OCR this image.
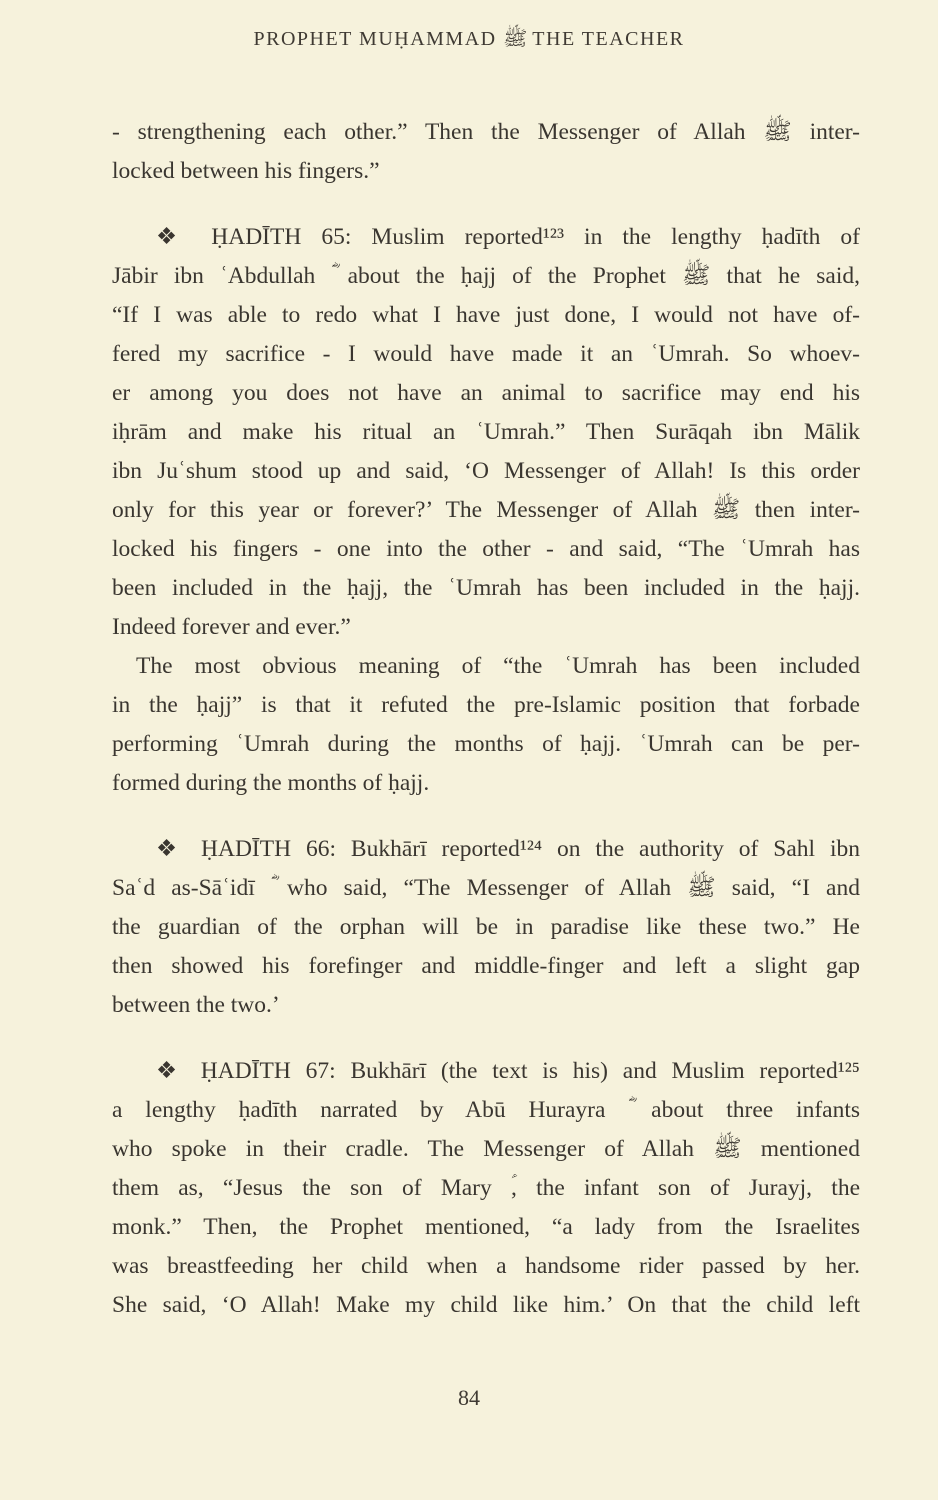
PROPHET MUḤAMMAD ﷺ THE TEACHER
- strengthening each other.” Then the Messenger of Allah ﷺ inter-
locked between his fingers.”
❖ ḤADĪTH 65: Muslim reported¹²³ in the lengthy ḥadīth of
Jābir ibn ʿAbdullah ؓ about the ḥajj of the Prophet ﷺ that he said,
“If I was able to redo what I have just done, I would not have of-
fered my sacrifice - I would have made it an ʿUmrah. So whoev-
er among you does not have an animal to sacrifice may end his
iḥrām and make his ritual an ʿUmrah.” Then Surāqah ibn Mālik
ibn Juʿshum stood up and said, ‘O Messenger of Allah! Is this order
only for this year or forever?’ The Messenger of Allah ﷺ then inter-
locked his fingers - one into the other - and said, “The ʿUmrah has
been included in the ḥajj, the ʿUmrah has been included in the ḥajj.
Indeed forever and ever.”
The most obvious meaning of “the ʿUmrah has been included
in the ḥajj” is that it refuted the pre-Islamic position that forbade
performing ʿUmrah during the months of ḥajj. ʿUmrah can be per-
formed during the months of ḥajj.
❖ ḤADĪTH 66: Bukhārī reported¹²⁴ on the authority of Sahl ibn
Saʿd as-Sāʿidī ؓ who said, “The Messenger of Allah ﷺ said, “I and
the guardian of the orphan will be in paradise like these two.” He
then showed his forefinger and middle-finger and left a slight gap
between the two.’
❖ ḤADĪTH 67: Bukhārī (the text is his) and Muslim reported¹²⁵
a lengthy ḥadīth narrated by Abū Hurayra ؓ about three infants
who spoke in their cradle. The Messenger of Allah ﷺ mentioned
them as, “Jesus the son of Mary ؑ, the infant son of Jurayj, the
monk.” Then, the Prophet mentioned, “a lady from the Israelites
was breastfeeding her child when a handsome rider passed by her.
She said, ‘O Allah! Make my child like him.’ On that the child left
84
